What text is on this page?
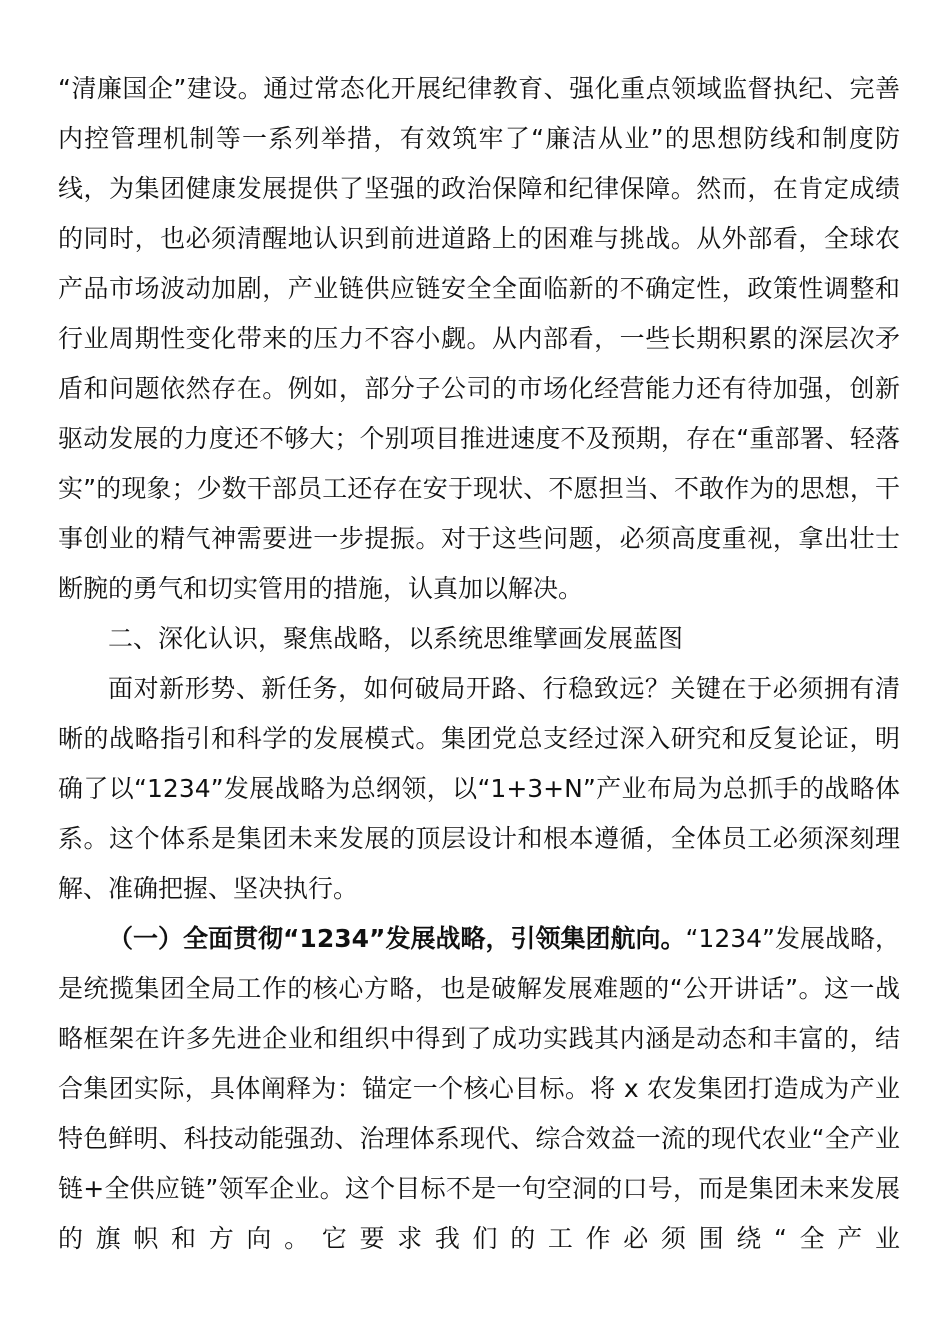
“清廉国企”建设。通过常态化开展纪律教育、强化重点领域监督执纪、完善内控管理机制等一系列举措，有效筑牢了“廉洁从业”的思想防线和制度防线，为集团健康发展提供了坚强的政治保障和纪律保障。然而，在肯定成绩的同时，也必须清醒地认识到前进道路上的困难与挑战。从外部看，全球农产品市场波动加剧，产业链供应链安全全面临新的不确定性，政策性调整和行业周期性变化带来的压力不容小觑。从内部看，一些长期积累的深层次矛盾和问题依然存在。例如，部分子公司的市场化经营能力还有待加强，创新驱动发展的力度还不够大；个别项目推进速度不及预期，存在“重部署、轻落实”的现象；少数干部员工还存在安于现状、不愿担当、不敢作为的思想，干事创业的精气神需要进一步提振。对于这些问题，必须高度重视，拿出壮士断腕的勇气和切实管用的措施，认真加以解决。

二、深化认识，聚焦战略，以系统思维擘画发展蓝图

面对新形势、新任务，如何破局开路、行稳致远？关键在于必须拥有清晰的战略指引和科学的发展模式。集团党总支经过深入研究和反复论证，明确了以“1234”发展战略为总纲领，以“1+3+N”产业布局为总抓手的战略体系。这个体系是集团未来发展的顶层设计和根本遵循，全体员工必须深刻理解、准确把握、坚决执行。

（一）全面贯彻“1234”发展战略，引领集团航向。“1234”发展战略，是统揽集团全局工作的核心方略，也是破解发展难题的“公开讲话”。这一战略框架在许多先进企业和组织中得到了成功实践其内涵是动态和丰富的，结合集团实际，具体阐释为：锚定一个核心目标。将 x 农发集团打造成为产业特色鲜明、科技动能强劲、治理体系现代、综合效益一流的现代农业“全产业链+全供应链”领军企业。这个目标不是一句空洞的口号，而是集团未来发展的旗帜和方向。它要求我们的工作必须围绕“全产业
